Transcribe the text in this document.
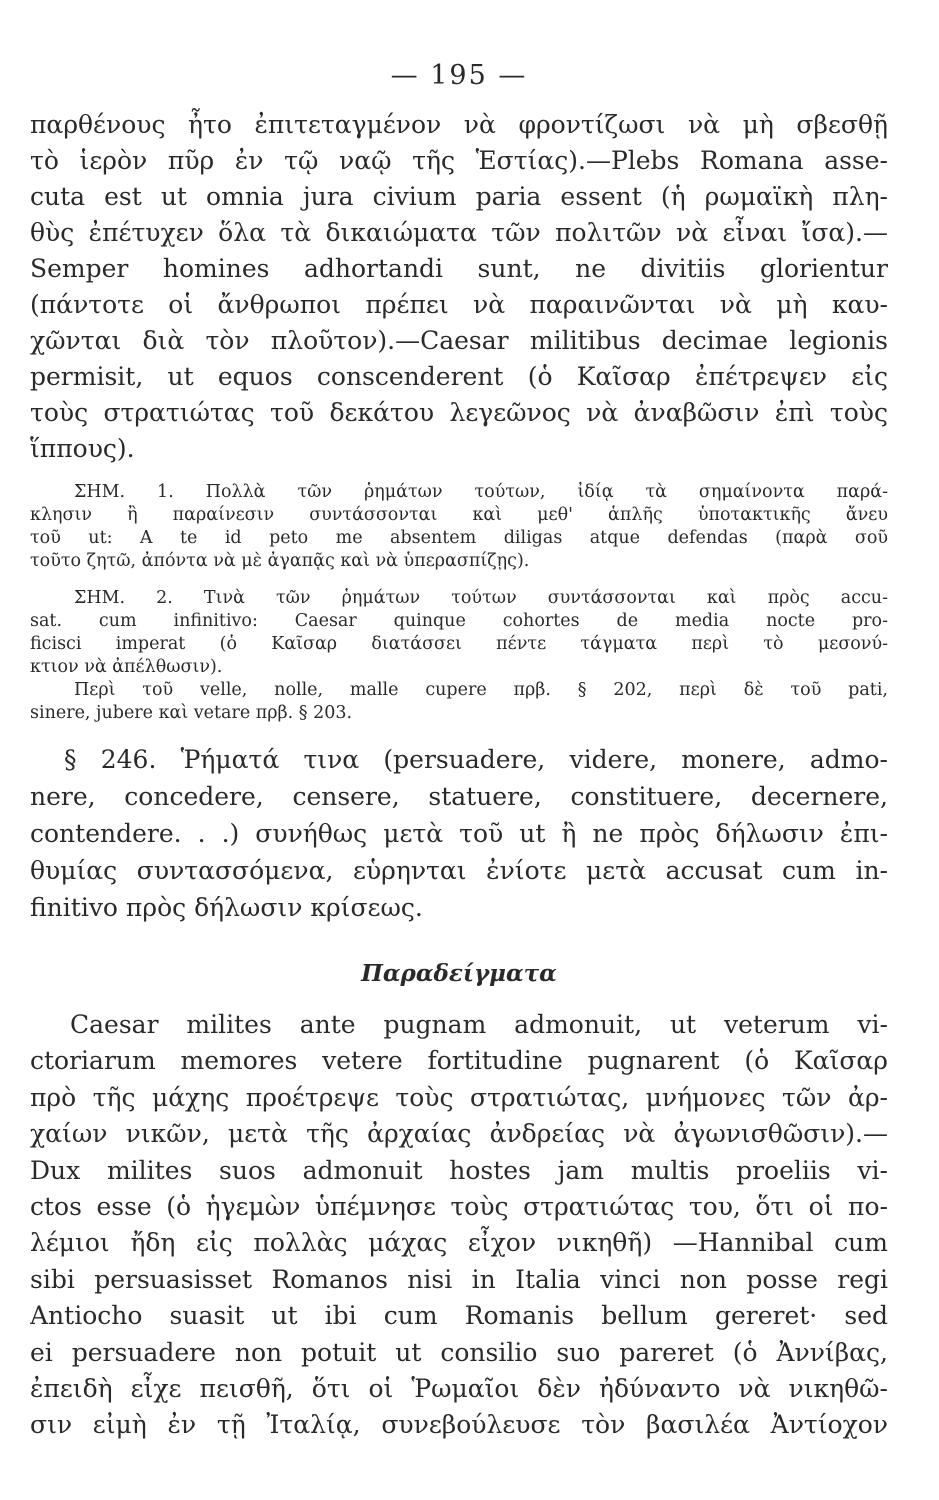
— 195 —
παρθένους ἦτο ἐπιτεταγμένον νὰ φροντίζωσι νὰ μὴ σβεσθῇ
τὸ ἱερὸν πῦρ ἐν τῷ ναῷ τῆς Ἑστίας).—Plebs Romana asse-
cuta est ut omnia jura civium paria essent (ἡ ρωμαϊκὴ πλη-
θὺς ἐπέτυχεν ὅλα τὰ δικαιώματα τῶν πολιτῶν νὰ εἶναι ἴσα).—
Semper homines adhortandi sunt, ne divitiis glorientur
(πάντοτε οἱ ἄνθρωποι πρέπει νὰ παραινῶνται νὰ μὴ καυ-
χῶνται διὰ τὸν πλοῦτον).—Caesar militibus decimae legionis
permisit, ut equos conscenderent (ὁ Καῖσαρ ἐπέτρεψεν εἰς
τοὺς στρατιώτας τοῦ δεκάτου λεγεῶνος νὰ ἀναβῶσιν ἐπὶ τοὺς
ἵππους).
ΣΗΜ. 1. Πολλὰ τῶν ῥημάτων τούτων, ἰδίᾳ τὰ σημαίνοντα παρά-
κλησιν ἢ παραίνεσιν συντάσσονται καὶ μεθ' ἁπλῆς ὑποτακτικῆς ἄνευ
τοῦ ut: A te id peto me absentem diligas atque defendas (παρὰ σοῦ
τοῦτο ζητῶ, ἀπόντα νὰ μὲ ἀγαπᾷς καὶ νὰ ὑπερασπίζῃς).
ΣΗΜ. 2. Τινὰ τῶν ῥημάτων τούτων συντάσσονται καὶ πρὸς accu-
sat. cum infinitivo: Caesar quinque cohortes de media nocte pro-
ficisci imperat (ὁ Καῖσαρ διατάσσει πέντε τάγματα περὶ τὸ μεσονύ-
κτιον νὰ ἀπέλθωσιν).
Περὶ τοῦ velle, nolle, malle cupere πρβ. § 202, περὶ δὲ τοῦ pati,
sinere, jubere καὶ vetare πρβ. § 203.
§ 246. Ῥήματά τινα (persuadere, videre, monere, admo-
nere, concedere, censere, statuere, constituere, decernere,
contendere. . .) συνήθως μετὰ τοῦ ut ἢ ne πρὸς δήλωσιν ἐπι-
θυμίας συντασσόμενα, εὑρηνται ἐνίοτε μετὰ accusat cum in-
finitivo πρὸς δήλωσιν κρίσεως.
Παραδείγματα
Caesar milites ante pugnam admonuit, ut veterum vi-
ctoriarum memores vetere fortitudine pugnarent (ὁ Καῖσαρ
πρὸ τῆς μάχης προέτρεψε τοὺς στρατιώτας, μνήμονες τῶν ἀρ-
χαίων νικῶν, μετὰ τῆς ἀρχαίας ἀνδρείας νὰ ἀγωνισθῶσιν).—
Dux milites suos admonuit hostes jam multis proeliis vi-
ctos esse (ὁ ἡγεμὼν ὑπέμνησε τοὺς στρατιώτας του, ὅτι οἱ πο-
λέμιοι ἤδη εἰς πολλὰς μάχας εἶχον νικηθῆ) —Hannibal cum
sibi persuasisset Romanos nisi in Italia vinci non posse regi
Antiocho suasit ut ibi cum Romanis bellum gereret· sed
ei persuadere non potuit ut consilio suo pareret (ὁ Ἀννίβας,
ἐπειδὴ εἶχε πεισθῆ, ὅτι οἱ Ῥωμαῖοι δὲν ἠδύναντο νὰ νικηθῶ-
σιν εἰμὴ ἐν τῇ Ἰταλίᾳ, συνεβούλευσε τὸν βασιλέα Ἀντίοχον
